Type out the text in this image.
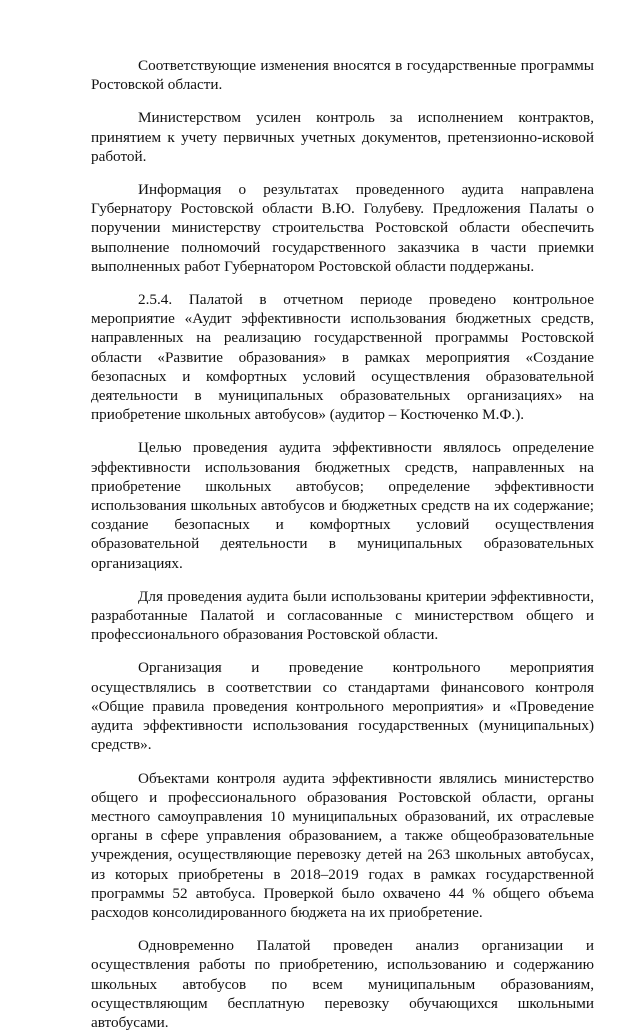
Соответствующие изменения вносятся в государственные программы Ростовской области.

Министерством усилен контроль за исполнением контрактов, принятием к учету первичных учетных документов, претензионно-исковой работой.

Информация о результатах проведенного аудита направлена Губернатору Ростовской области В.Ю. Голубеву. Предложения Палаты о поручении министерству строительства Ростовской области обеспечить выполнение полномочий государственного заказчика в части приемки выполненных работ Губернатором Ростовской области поддержаны.

2.5.4. Палатой в отчетном периоде проведено контрольное мероприятие «Аудит эффективности использования бюджетных средств, направленных на реализацию государственной программы Ростовской области «Развитие образования» в рамках мероприятия «Создание безопасных и комфортных условий осуществления образовательной деятельности в муниципальных образовательных организациях» на приобретение школьных автобусов» (аудитор – Костюченко М.Ф.).

Целью проведения аудита эффективности являлось определение эффективности использования бюджетных средств, направленных на приобретение школьных автобусов; определение эффективности использования школьных автобусов и бюджетных средств на их содержание; создание безопасных и комфортных условий осуществления образовательной деятельности в муниципальных образовательных организациях.

Для проведения аудита были использованы критерии эффективности, разработанные Палатой и согласованные с министерством общего и профессионального образования Ростовской области.

Организация и проведение контрольного мероприятия осуществлялись в соответствии со стандартами финансового контроля «Общие правила проведения контрольного мероприятия» и «Проведение аудита эффективности использования государственных (муниципальных) средств».

Объектами контроля аудита эффективности являлись министерство общего и профессионального образования Ростовской области, органы местного самоуправления 10 муниципальных образований, их отраслевые органы в сфере управления образованием, а также общеобразовательные учреждения, осуществляющие перевозку детей на 263 школьных автобусах, из которых приобретены в 2018–2019 годах в рамках государственной программы 52 автобуса. Проверкой было охвачено 44 % общего объема расходов консолидированного бюджета на их приобретение.

Одновременно Палатой проведен анализ организации и осуществления работы по приобретению, использованию и содержанию школьных автобусов по всем муниципальным образованиям, осуществляющим бесплатную перевозку обучающихся школьными автобусами.
